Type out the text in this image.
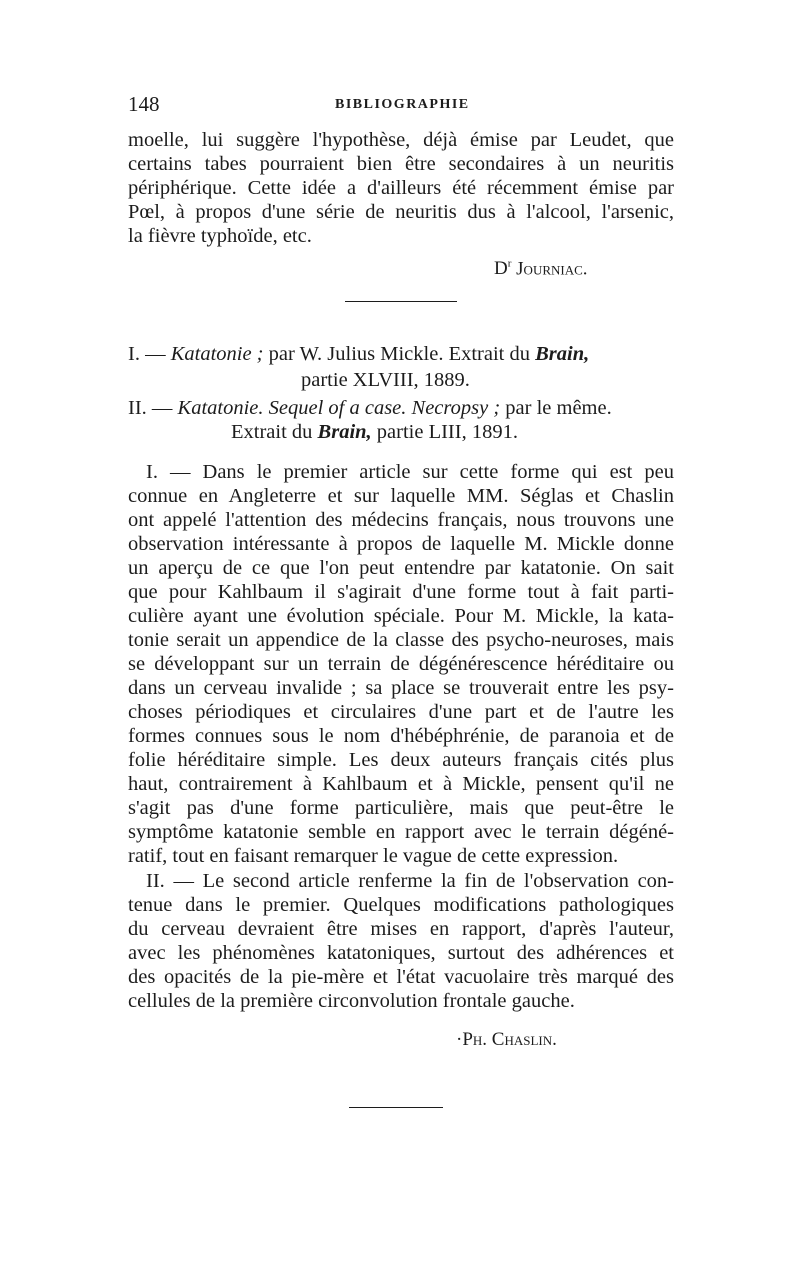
148	BIBLIOGRAPHIE
moelle, lui suggère l'hypothèse, déjà émise par Leudet, que
certains tabes pourraient bien être secondaires à un neuritis
périphérique. Cette idée a d'ailleurs été récemment émise par
Pœl, à propos d'une série de neuritis dus à l'alcool, l'arsenic,
la fièvre typhoïde, etc.
$D^r$ Journiac.
I. — Katatonie ; par W. Julius Mickle. Extrait du Brain,
partie XLVIII, 1889.
II. — Katatonie. Sequel of a case. Necropsy ; par le même.
Extrait du Brain, partie LIII, 1891.
I. — Dans le premier article sur cette forme qui est peu
connue en Angleterre et sur laquelle MM. Séglas et Chaslin
ont appelé l'attention des médecins français, nous trouvons une
observation intéressante à propos de laquelle M. Mickle donne
un aperçu de ce que l'on peut entendre par katatonie. On sait
que pour Kahlbaum il s'agirait d'une forme tout à fait parti-
culière ayant une évolution spéciale. Pour M. Mickle, la kata-
tonie serait un appendice de la classe des psycho-neuroses, mais
se développant sur un terrain de dégénérescence héréditaire ou
dans un cerveau invalide ; sa place se trouverait entre les psy-
choses périodiques et circulaires d'une part et de l'autre les
formes connues sous le nom d'hébéphrénie, de paranoia et de
folie héréditaire simple. Les deux auteurs français cités plus
haut, contrairement à Kahlbaum et à Mickle, pensent qu'il ne
s'agit pas d'une forme particulière, mais que peut-être le
symptôme katatonie semble en rapport avec le terrain dégéné-
ratif, tout en faisant remarquer le vague de cette expression.
II. — Le second article renferme la fin de l'observation con-
tenue dans le premier. Quelques modifications pathologiques
du cerveau devraient être mises en rapport, d'après l'auteur,
avec les phénomènes katatoniques, surtout des adhérences et
des opacités de la pie-mère et l'état vacuolaire très marqué des
cellules de la première circonvolution frontale gauche.
·Ph. Chaslin.
